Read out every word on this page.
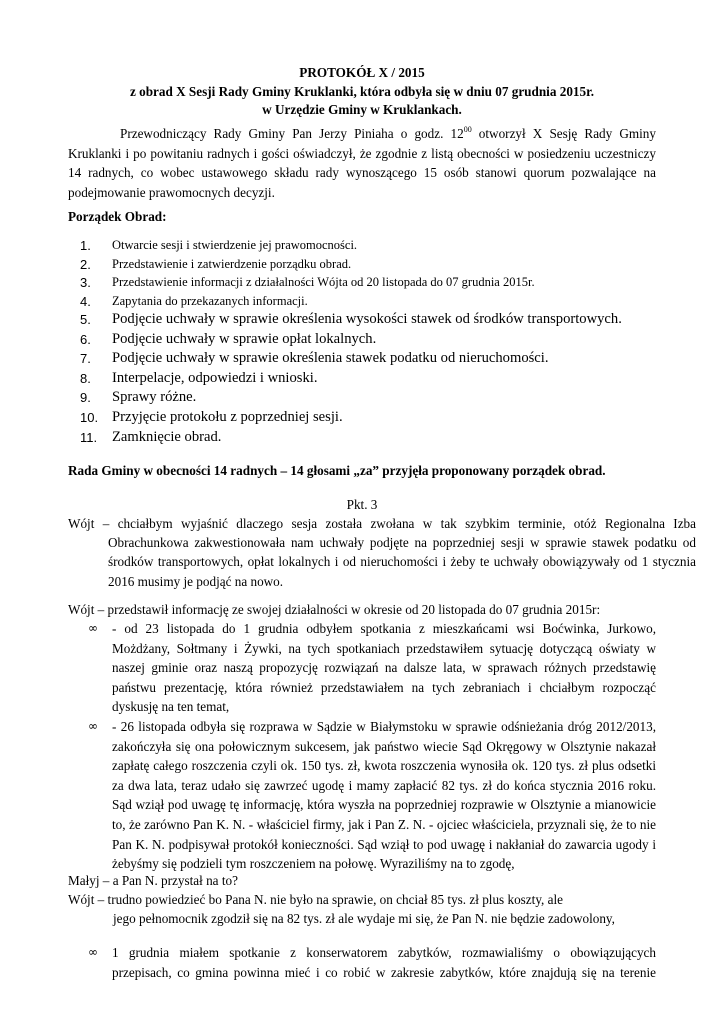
PROTOKÓŁ X / 2015
z obrad X Sesji Rady Gminy Kruklanki, która odbyła się w dniu 07 grudnia 2015r.
w Urzędzie Gminy w Kruklankach.
Przewodniczący Rady Gminy Pan Jerzy Piniaha o godz. $12^{00}$ otworzył X Sesję Rady Gminy Kruklanki i po powitaniu radnych i gości oświadczył, że zgodnie z listą obecności w posiedzeniu uczestniczy 14 radnych, co wobec ustawowego składu rady wynoszącego 15 osób stanowi quorum pozwalające na podejmowanie prawomocnych decyzji.
Porządek Obrad:
1. Otwarcie sesji i stwierdzenie jej prawomocności.
2. Przedstawienie i zatwierdzenie porządku obrad.
3. Przedstawienie informacji z działalności Wójta od 20 listopada do 07 grudnia 2015r.
4. Zapytania do przekazanych informacji.
5. Podjęcie uchwały w sprawie określenia wysokości stawek od środków transportowych.
6. Podjęcie uchwały w sprawie opłat lokalnych.
7. Podjęcie uchwały w sprawie określenia stawek podatku od nieruchomości.
8. Interpelacje, odpowiedzi i wnioski.
9. Sprawy różne.
10. Przyjęcie protokołu z poprzedniej sesji.
11. Zamknięcie obrad.
Rada Gminy w obecności 14 radnych – 14 głosami „za” przyjęła proponowany porządek obrad.
Pkt. 3
Wójt – chciałbym wyjaśnić dlaczego sesja została zwołana w tak szybkim terminie, otóż Regionalna Izba Obrachunkowa zakwestionowała nam uchwały podjęte na poprzedniej sesji w sprawie stawek podatku od środków transportowych, opłat lokalnych i od nieruchomości i żeby te uchwały obowiązywały od 1 stycznia 2016 musimy je podjąć na nowo.
Wójt – przedstawił informację ze swojej działalności w okresie od 20 listopada do 07 grudnia 2015r:
∞ - od 23 listopada do 1 grudnia odbyłem spotkania z mieszkańcami wsi Boćwinka, Jurkowo, Możdżany, Sołtmany i Żywki, na tych spotkaniach przedstawiłem sytuację dotyczącą oświaty w naszej gminie oraz naszą propozycję rozwiązań na dalsze lata, w sprawach różnych przedstawię państwu prezentację, która również przedstawiałem na tych zebraniach i chciałbym rozpocząć dyskusję na ten temat,
∞ - 26 listopada odbyła się rozprawa w Sądzie w Białymstoku w sprawie odśnieżania dróg 2012/2013, zakończyła się ona połowicznym sukcesem, jak państwo wiecie Sąd Okręgowy w Olsztynie nakazał zapłatę całego roszczenia czyli ok. 150 tys. zł, kwota roszczenia wynosiła ok. 120 tys. zł plus odsetki za dwa lata, teraz udało się zawrzeć ugodę i mamy zapłacić 82 tys. zł do końca stycznia 2016 roku. Sąd wziął pod uwagę tę informację, która wyszła na poprzedniej rozprawie w Olsztynie a mianowicie to, że zarówno Pan K. N. - właściciel firmy, jak i Pan Z. N. - ojciec właściciela, przyznali się, że to nie Pan K. N. podpisywał protokół konieczności. Sąd wziął to pod uwagę i nakłaniał do zawarcia ugody i żebyśmy się podzieli tym roszczeniem na połowę. Wyraziliśmy na to zgodę,
Małyj – a Pan N. przystał na to?
Wójt – trudno powiedzieć bo Pana N. nie było na sprawie, on chciał 85 tys. zł plus koszty, ale
jego pełnomocnik zgodził się na 82 tys. zł ale wydaje mi się, że Pan N. nie będzie zadowolony,
∞ 1 grudnia miałem spotkanie z konserwatorem zabytków, rozmawialiśmy o obowiązujących przepisach, co gmina powinna mieć i co robić w zakresie zabytków, które znajdują się na terenie
